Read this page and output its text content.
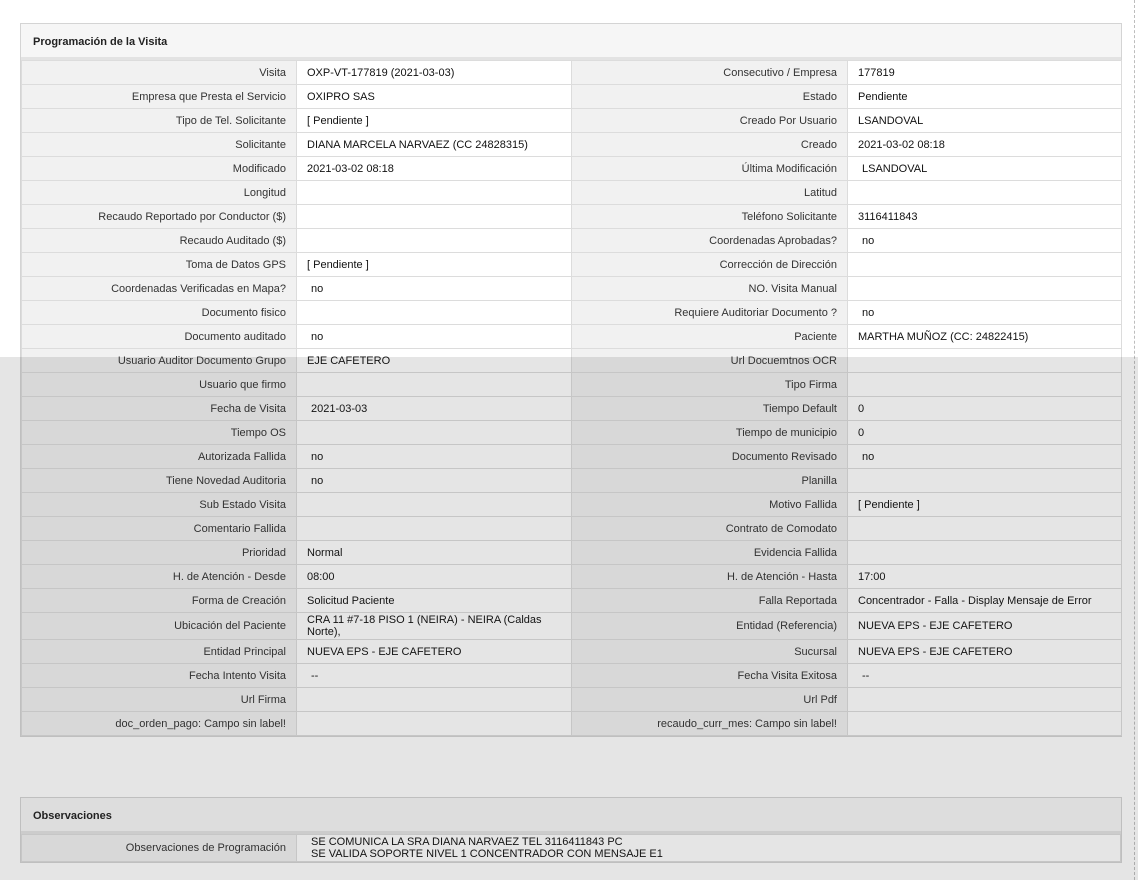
Programación de la Visita
Visita	OXP-VT-177819 (2021-03-03)	Consecutivo / Empresa	177819
Empresa que Presta el Servicio	OXIPRO SAS	Estado	Pendiente
Tipo de Tel. Solicitante	[ Pendiente ]	Creado Por Usuario	LSANDOVAL
Solicitante	DIANA MARCELA NARVAEZ (CC 24828315)	Creado	2021-03-02 08:18
Modificado	2021-03-02 08:18	Última Modificación	LSANDOVAL
Longitud		Latitud	
Recaudo Reportado por Conductor ($)		Teléfono Solicitante	3116411843
Recaudo Auditado ($)		Coordenadas Aprobadas?	no
Toma de Datos GPS	[ Pendiente ]	Corrección de Dirección	
Coordenadas Verificadas en Mapa?	no	NO. Visita Manual	
Documento fisico		Requiere Auditoriar Documento ?	no
Documento auditado	no	Paciente	MARTHA MUÑOZ (CC: 24822415)
Usuario Auditor Documento Grupo	EJE CAFETERO	Url Docuemtnos OCR	
Usuario que firmo		Tipo Firma	
Fecha de Visita	2021-03-03	Tiempo Default	0
Tiempo OS		Tiempo de municipio	0
Autorizada Fallida	no	Documento Revisado	no
Tiene Novedad Auditoria	no	Planilla	
Sub Estado Visita		Motivo Fallida	[ Pendiente ]
Comentario Fallida		Contrato de Comodato	
Prioridad	Normal	Evidencia Fallida	
H. de Atención - Desde	08:00	H. de Atención - Hasta	17:00
Forma de Creación	Solicitud Paciente	Falla Reportada	Concentrador - Falla - Display Mensaje de Error
Ubicación del Paciente	CRA 11 #7-18 PISO 1 (NEIRA) - NEIRA (Caldas Norte),	Entidad (Referencia)	NUEVA EPS - EJE CAFETERO
Entidad Principal	NUEVA EPS - EJE CAFETERO	Sucursal	NUEVA EPS - EJE CAFETERO
Fecha Intento Visita	--	Fecha Visita Exitosa	--
Url Firma		Url Pdf	
doc_orden_pago: Campo sin label!		recaudo_curr_mes: Campo sin label!	
Observaciones
Observaciones de Programación	SE COMUNICA LA SRA DIANA NARVAEZ TEL 3116411843 PC
SE VALIDA SOPORTE NIVEL 1 CONCENTRADOR CON MENSAJE E1
